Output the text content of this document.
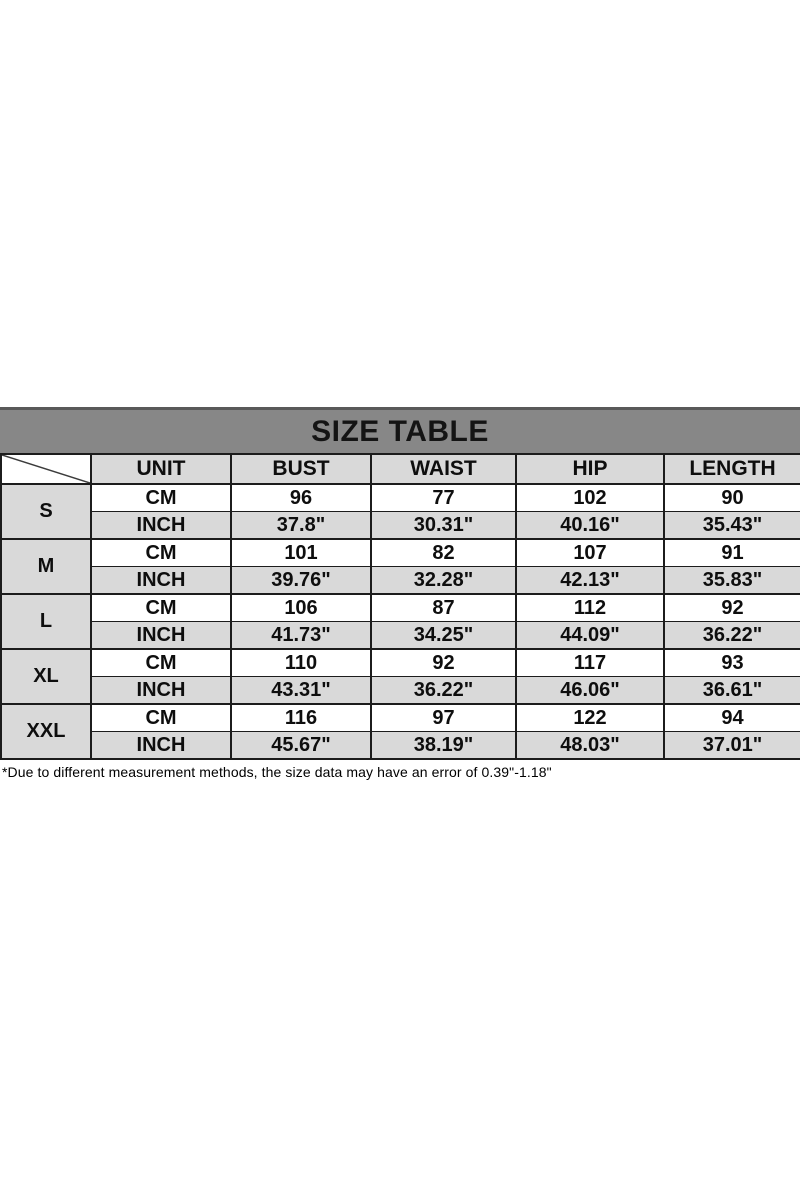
SIZE TABLE
	UNIT	BUST	WAIST	HIP	LENGTH
S	CM	96	77	102	90
	INCH	37.8"	30.31"	40.16"	35.43"
M	CM	101	82	107	91
	INCH	39.76"	32.28"	42.13"	35.83"
L	CM	106	87	112	92
	INCH	41.73"	34.25"	44.09"	36.22"
XL	CM	110	92	117	93
	INCH	43.31"	36.22"	46.06"	36.61"
XXL	CM	116	97	122	94
	INCH	45.67"	38.19"	48.03"	37.01"
*Due to different measurement methods, the size data may have an error of 0.39"-1.18"
